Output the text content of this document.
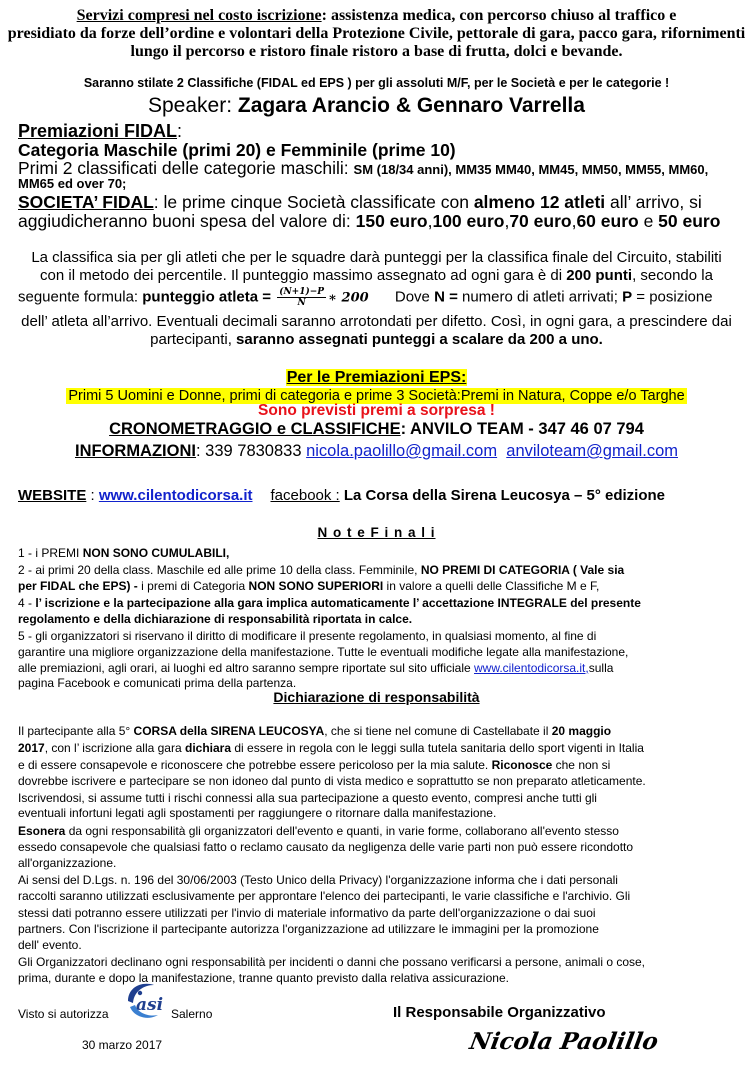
Servizi compresi nel costo iscrizione: assistenza medica, con percorso chiuso al traffico e
presidiato da forze dell’ordine e volontari della Protezione Civile, pettorale di gara, pacco gara, rifornimenti
lungo il percorso e ristoro finale ristoro a base di frutta, dolci e bevande.
Saranno stilate 2 Classifiche (FIDAL ed EPS ) per gli assoluti M/F, per le Società e per le categorie !
Speaker: Zagara Arancio & Gennaro Varrella
Premiazioni FIDAL:
Categoria Maschile (primi 20) e Femminile (prime 10)
Primi 2 classificati delle categorie maschili: SM (18/34 anni), MM35 MM40, MM45, MM50, MM55, MM60,
MM65 ed over 70;
SOCIETA’ FIDAL: le prime cinque Società classificate con almeno 12 atleti all’ arrivo, si
aggiudicheranno buoni spesa del valore di: 150 euro,100 euro,70 euro,60 euro e 50 euro
La classifica sia per gli atleti che per le squadre darà punteggi per la classifica finale del Circuito, stabiliti
con il metodo dei percentile. Il punteggio massimo assegnato ad ogni gara è di 200 punti, secondo la
seguente formula: punteggio atleta = $\frac{(N+1)-P}{N}$ ∗ 200 Dove N = numero di atleti arrivati; P = posizione
dell’ atleta all’arrivo. Eventuali decimali saranno arrotondati per difetto. Così, in ogni gara, a prescindere dai
partecipanti, saranno assegnati punteggi a scalare da 200 a uno.
Per le Premiazioni EPS:
Primi 5 Uomini e Donne, primi di categoria e prime 3 Società:Premi in Natura, Coppe e/o Targhe
Sono previsti premi a sorpresa !
CRONOMETRAGGIO e CLASSIFICHE: ANVILO TEAM - 347 46 07 794
INFORMAZIONI: 339 7830833 nicola.paolillo@gmail.com anviloteam@gmail.com
WEBSITE : www.cilentodicorsa.it facebook : La Corsa della Sirena Leucosya – 5° edizione
N o t e F i n a l i
1 - i PREMI NON SONO CUMULABILI,
2 - ai primi 20 della class. Maschile ed alle prime 10 della class. Femminile, NO PREMI DI CATEGORIA ( Vale sia
per FIDAL che EPS) - i premi di Categoria NON SONO SUPERIORI in valore a quelli delle Classifiche M e F,
4 - l’ iscrizione e la partecipazione alla gara implica automaticamente l’ accettazione INTEGRALE del presente
regolamento e della dichiarazione di responsabilità riportata in calce.
5 - gli organizzatori si riservano il diritto di modificare il presente regolamento, in qualsiasi momento, al fine di
garantire una migliore organizzazione della manifestazione. Tutte le eventuali modifiche legate alla manifestazione,
alle premiazioni, agli orari, ai luoghi ed altro saranno sempre riportate sul sito ufficiale www.cilentodicorsa.it,sulla
pagina Facebook e comunicati prima della partenza.
Dichiarazione di responsabilità
Il partecipante alla 5° CORSA della SIRENA LEUCOSYA, che si tiene nel comune di Castellabate il 20 maggio
2017, con l’ iscrizione alla gara dichiara di essere in regola con le leggi sulla tutela sanitaria dello sport vigenti in Italia
e di essere consapevole e riconoscere che potrebbe essere pericoloso per la mia salute. Riconosce che non si
dovrebbe iscrivere e partecipare se non idoneo dal punto di vista medico e soprattutto se non preparato atleticamente.
Iscrivendosi, si assume tutti i rischi connessi alla sua partecipazione a questo evento, compresi anche tutti gli
eventuali infortuni legati agli spostamenti per raggiungere o ritornare dalla manifestazione.
Esonera da ogni responsabilità gli organizzatori dell'evento e quanti, in varie forme, collaborano all'evento stesso
essedo consapevole che qualsiasi fatto o reclamo causato da negligenza delle varie parti non può essere ricondotto
all'organizzazione.
Ai sensi del D.Lgs. n. 196 del 30/06/2003 (Testo Unico della Privacy) l'organizzazione informa che i dati personali
raccolti saranno utilizzati esclusivamente per approntare l'elenco dei partecipanti, le varie classifiche e l'archivio. Gli
stessi dati potranno essere utilizzati per l'invio di materiale informativo da parte dell'organizzazione o dai suoi
partners. Con l'iscrizione il partecipante autorizza l'organizzazione ad utilizzare le immagini per la promozione
dell' evento.
Gli Organizzatori declinano ogni responsabilità per incidenti o danni che possano verificarsi a persone, animali o cose,
prima, durante e dopo la manifestazione, tranne quanto previsto dalla relativa assicurazione.
Visto si autorizza asi Salerno
30 marzo 2017
Il Responsabile Organizzativo
Nicola Paolillo
